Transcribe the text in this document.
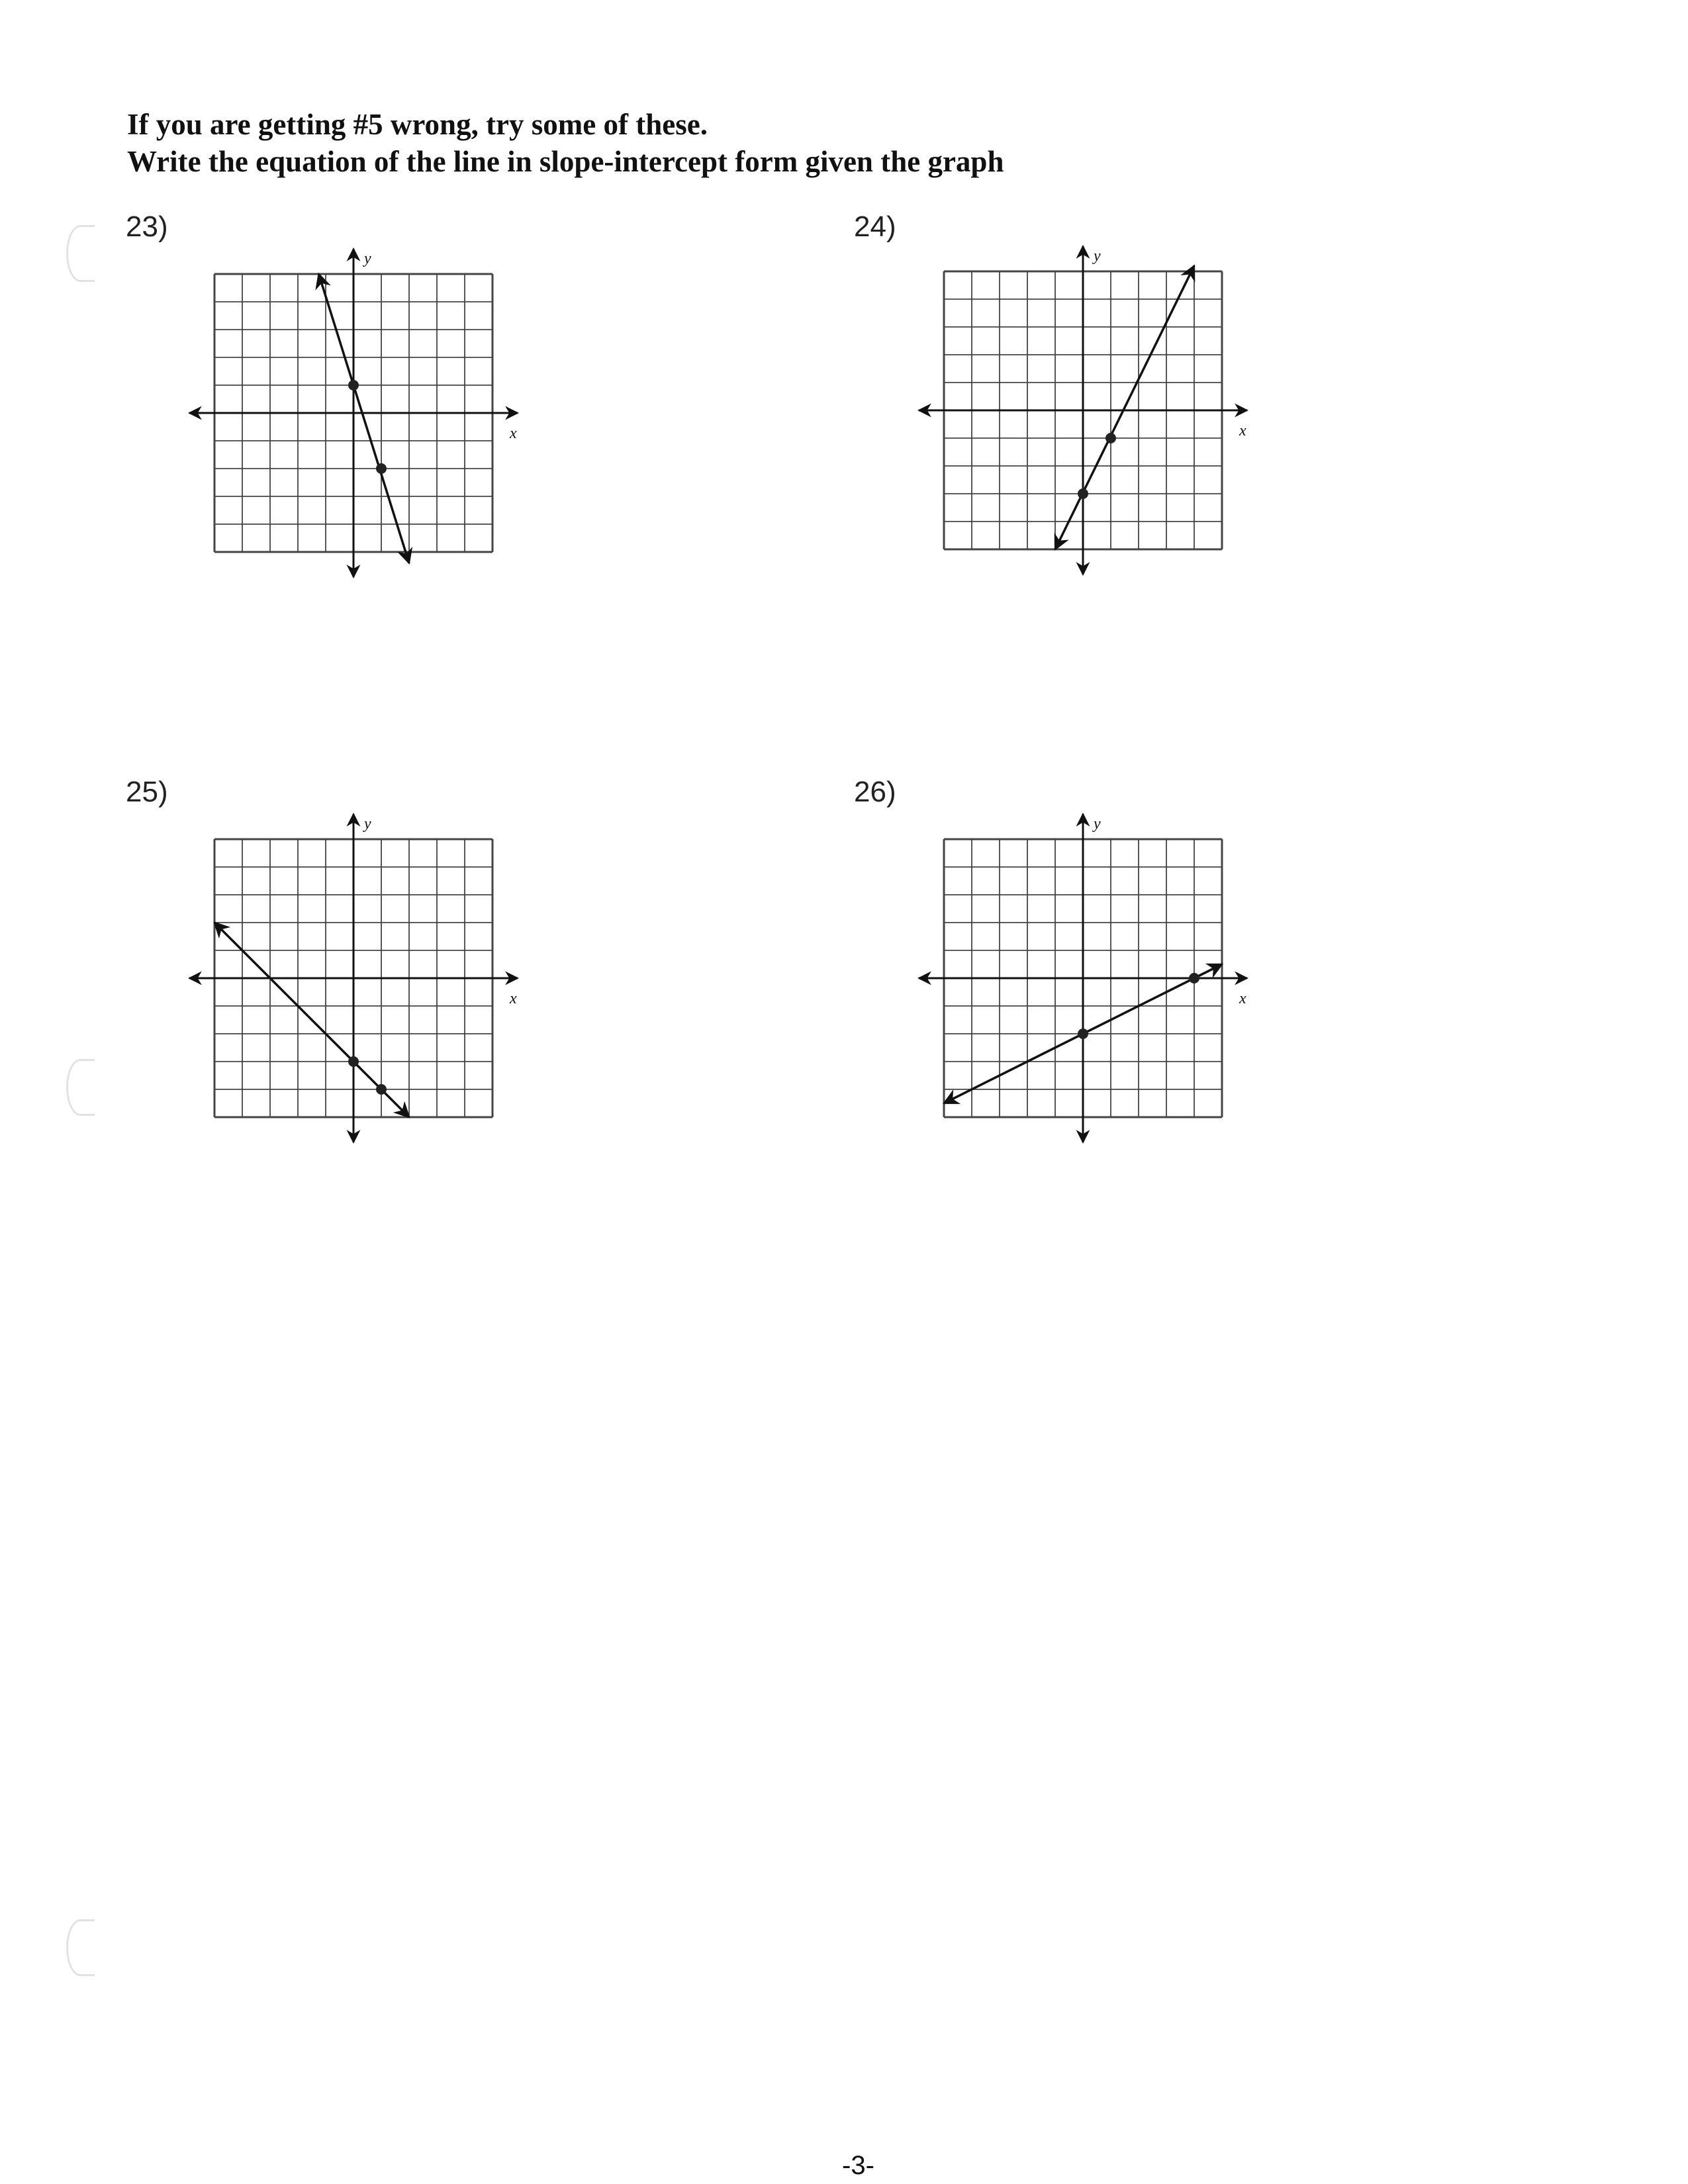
If you are getting #5 wrong, try some of these.
Write the equation of the line in slope-intercept form given the graph
23)	24)
25)	26)
x
y
x
y
x
y
x
y
-3-
